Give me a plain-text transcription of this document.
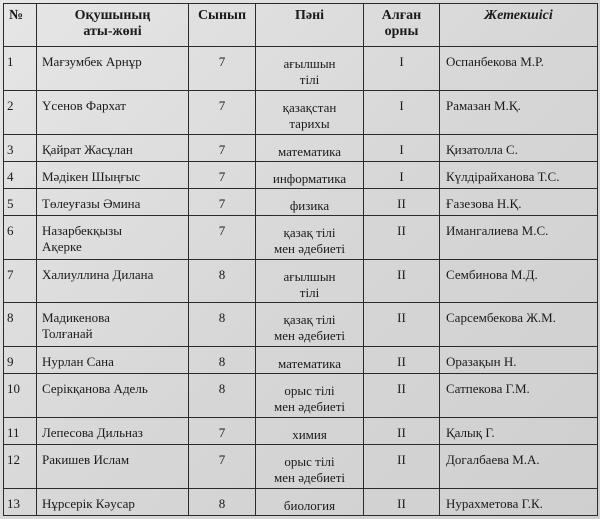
№	Оқушының
аты-жөні	Сынып	Пәні	Алған
орны	Жетекшісі
1	Мағзумбек Арнұр	7	ағылшын
тілі	I	Оспанбекова М.Р.
2	Үсенов Фархат	7	қазақстан
тарихы	I	Рамазан М.Қ.
3	Қайрат Жасұлан	7	математика	I	Қизатолла С.
4	Мәдікен Шыңғыс	7	информатика	I	Күлдірайханова Т.С.
5	Төлеуғазы Әмина	7	физика	II	Ғазезова Н.Қ.
6	Назарбекқызы
Ақерке	7	қазақ тілі
мен әдебиеті	II	Имангалиева М.С.
7	Халиуллина Дилана	8	ағылшын
тілі	II	Сембинова М.Д.
8	Мадикенова
Толғанай	8	қазақ тілі
мен әдебиеті	II	Сарсембекова Ж.М.
9	Нурлан Сана	8	математика	II	Оразақын Н.
10	Серікқанова Адель	8	орыс тілі
мен әдебиеті	II	Сатпекова Г.М.
11	Лепесова Дильназ	7	химия	II	Қалық Г.
12	Ракишев Ислам	7	орыс тілі
мен әдебиеті	II	Догалбаева М.А.
13	Нұрсерік Кәусар	8	биология	II	Нурахметова Г.К.
